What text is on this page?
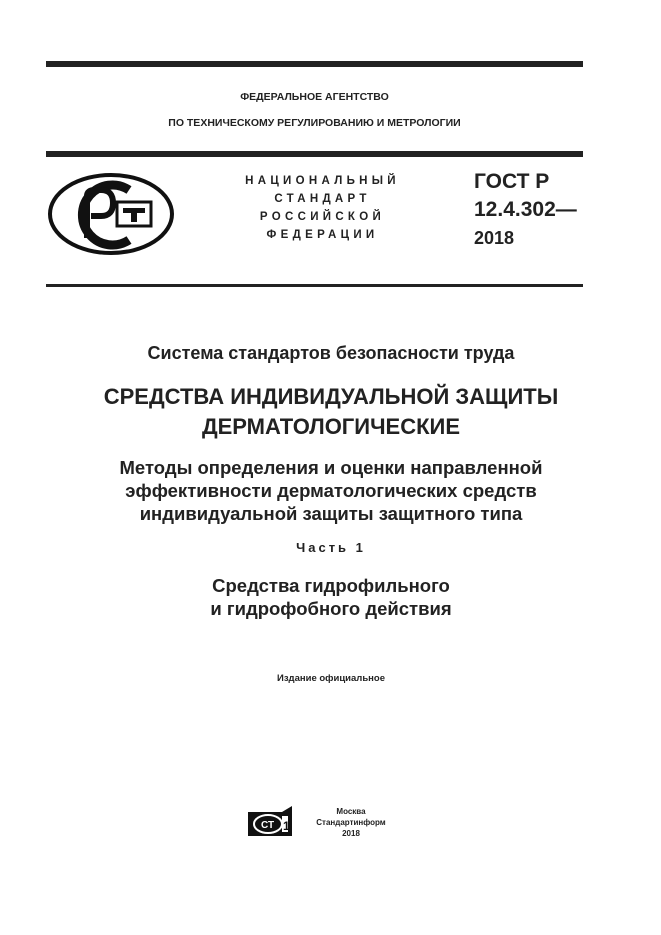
ФЕДЕРАЛЬНОЕ АГЕНТСТВО
ПО ТЕХНИЧЕСКОМУ РЕГУЛИРОВАНИЮ И МЕТРОЛОГИИ
НАЦИОНАЛЬНЫЙ
СТАНДАРТ
РОССИЙСКОЙ
ФЕДЕРАЦИИ
ГОСТ Р
12.4.302—
2018
Система стандартов безопасности труда
СРЕДСТВА ИНДИВИДУАЛЬНОЙ ЗАЩИТЫ
ДЕРМАТОЛОГИЧЕСКИЕ
Методы определения и оценки направленной
эффективности дерматологических средств
индивидуальной защиты защитного типа
Часть 1
Средства гидрофильного
и гидрофобного действия
Издание официальное
СТ 1
Москва
Стандартинформ
2018
